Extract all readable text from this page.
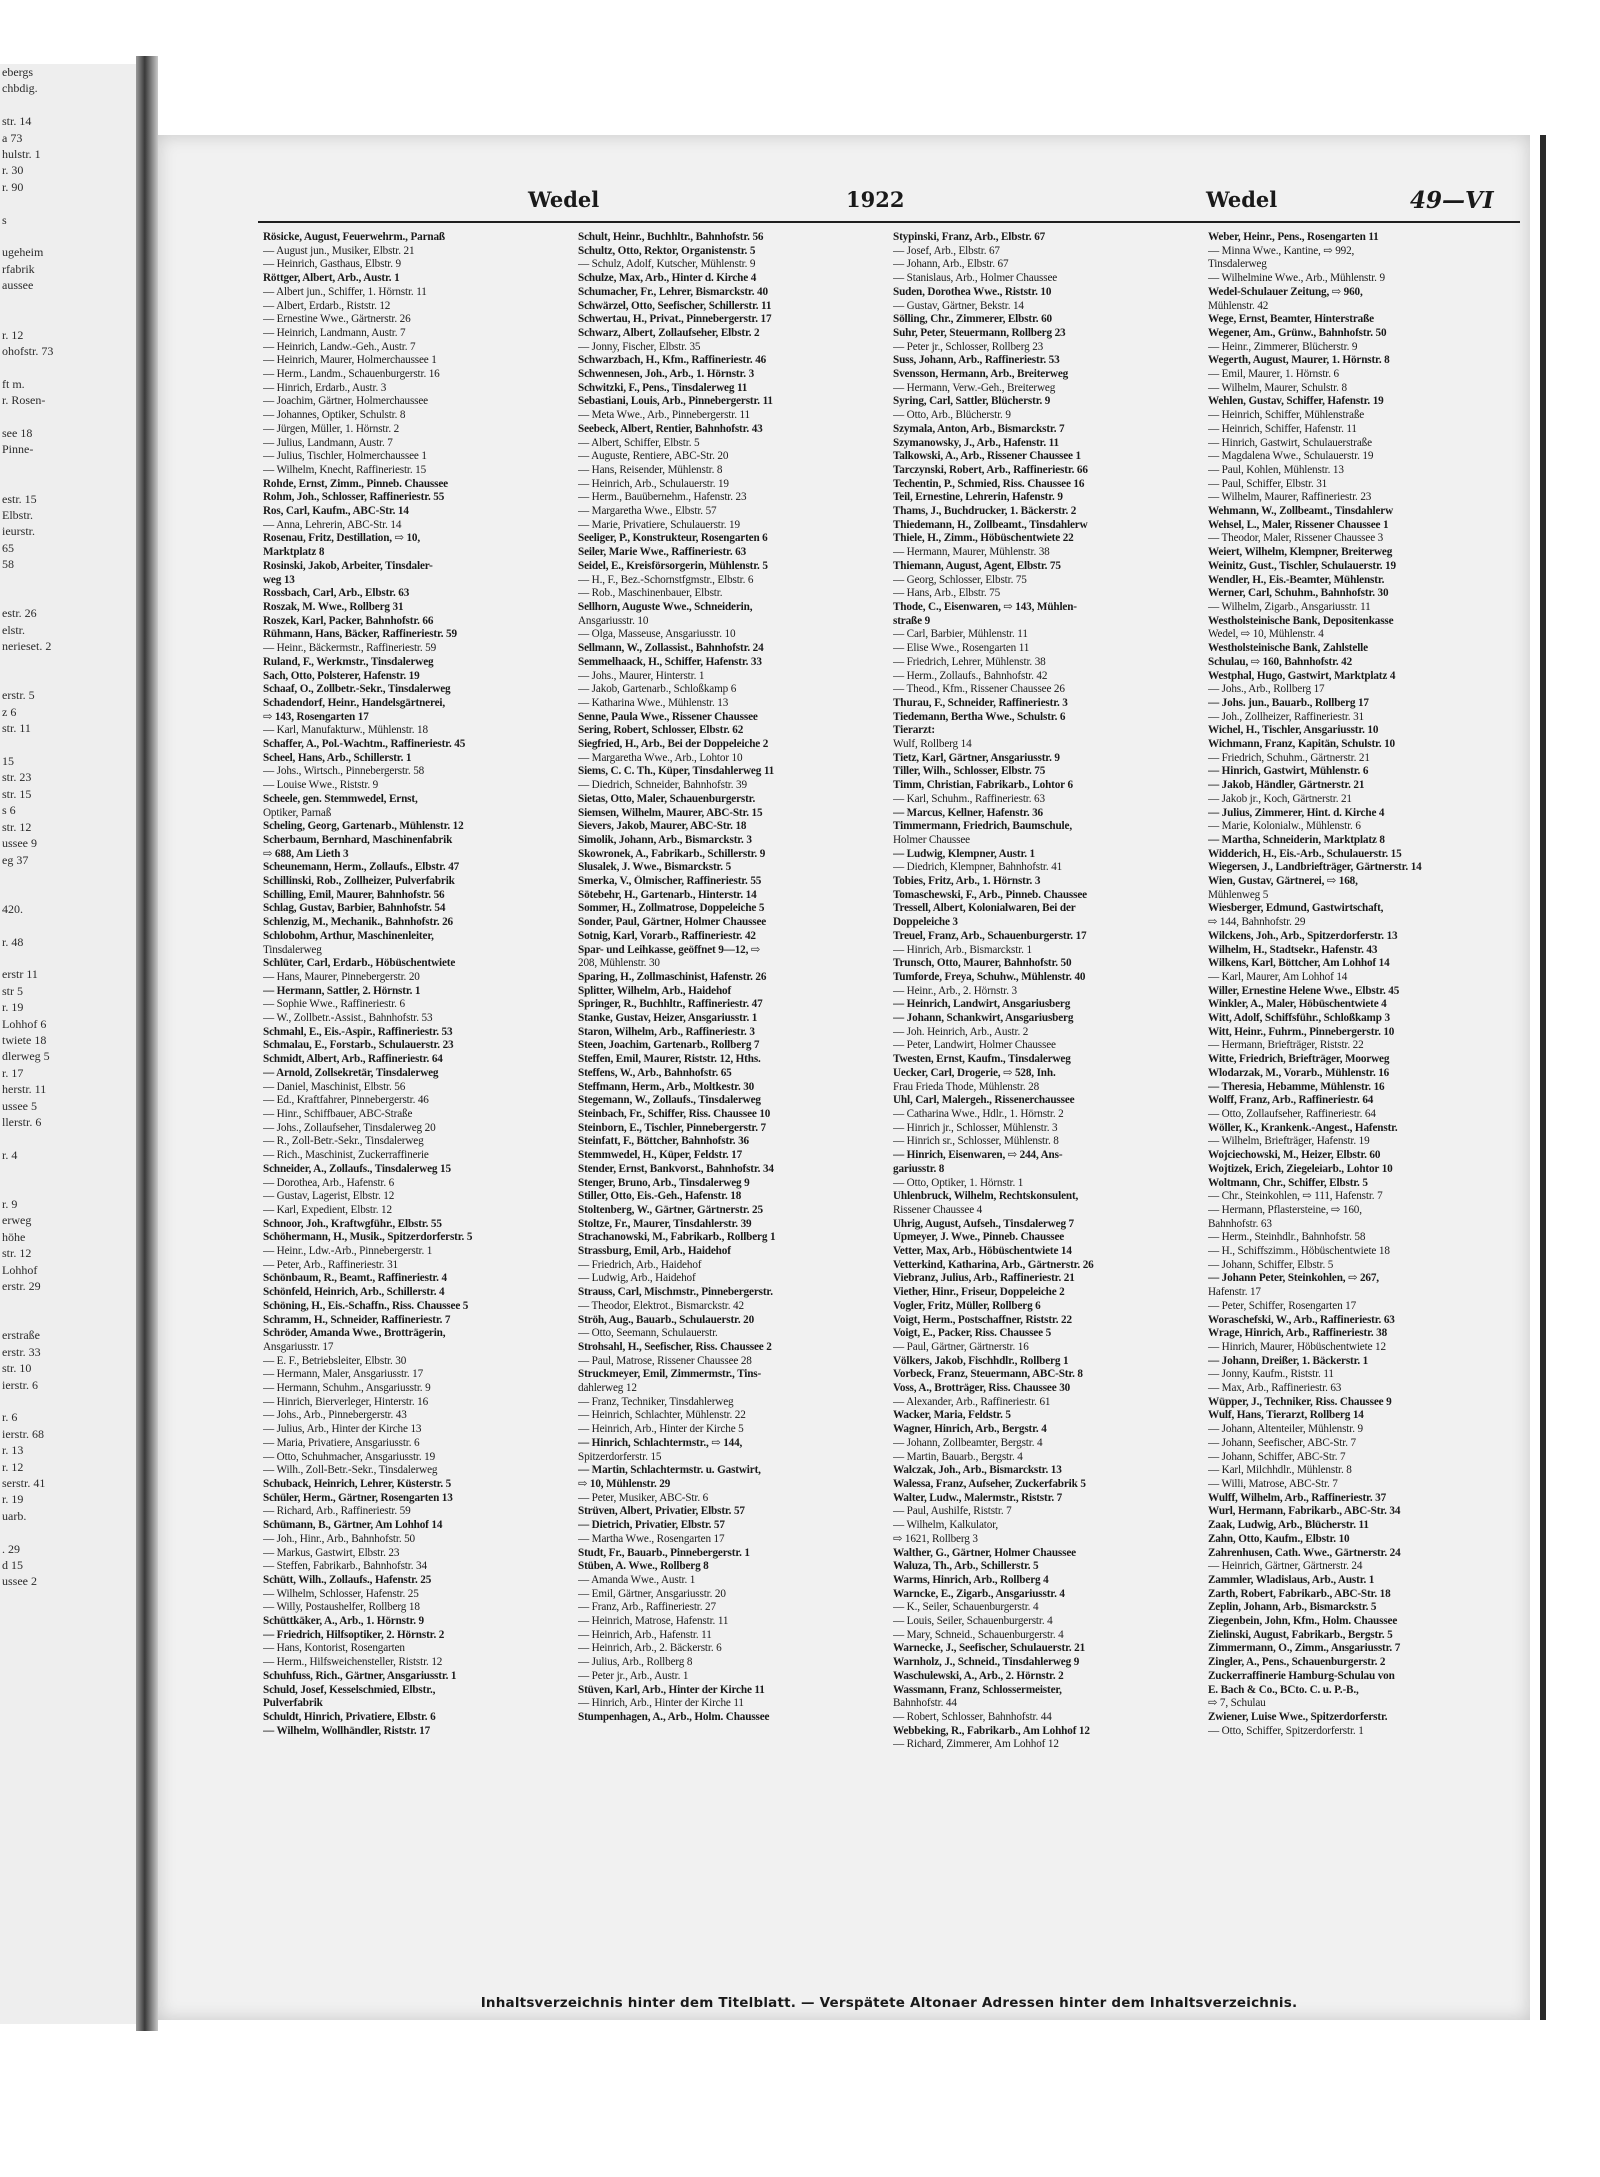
ebergs
chbdig.

str. 14
a 73
hulstr. 1
r. 30
r. 90

s

ugeheim
rfabrik
aussee

r. 12
ohofstr. 73

ft m.
r. Rosen-

see 18
Pinne-

estr. 15
Elbstr.
ieurstr.
65
58

estr. 26
elstr.
nerieset. 2

erstr. 5
z 6
str. 11

15
str. 23
str. 15
s 6
str. 12
ussee 9
eg 37

420.

r. 48

erstr 11
str 5
r. 19
Lohhof 6
twiete 18
dlerweg 5
r. 17
herstr. 11
ussee 5
llerstr. 6

r. 4

r. 9
erweg
höhe
str. 12
Lohhof
erstr. 29

erstraße
erstr. 33
str. 10
ierstr. 6

r. 6
ierstr. 68
r. 13
r. 12
serstr. 41
r. 19
uarb.

. 29
d 15
ussee 2
Wedel	1922	Wedel	49—VI
Rösicke, August, Feuerwehrm., Parnaß
— August jun., Musiker, Elbstr. 21
— Heinrich, Gasthaus, Elbstr. 9
Röttger, Albert, Arb., Austr. 1
— Albert jun., Schiffer, 1. Hörnstr. 11
— Albert, Erdarb., Riststr. 12
— Ernestine Wwe., Gärtnerstr. 26
— Heinrich, Landmann, Austr. 7
— Heinrich, Landw.-Geh., Austr. 7
— Heinrich, Maurer, Holmerchaussee 1
— Herm., Landm., Schauenburgerstr. 16
— Hinrich, Erdarb., Austr. 3
— Joachim, Gärtner, Holmerchaussee
— Johannes, Optiker, Schulstr. 8
— Jürgen, Müller, 1. Hörnstr. 2
— Julius, Landmann, Austr. 7
— Julius, Tischler, Holmerchaussee 1
— Wilhelm, Knecht, Raffineriestr. 15
Rohde, Ernst, Zimm., Pinneb. Chaussee
Rohm, Joh., Schlosser, Raffineriestr. 55
Ros, Carl, Kaufm., ABC-Str. 14
— Anna, Lehrerin, ABC-Str. 14
Rosenau, Fritz, Destillation, ⇨ 10,
Marktplatz 8
Rosinski, Jakob, Arbeiter, Tinsdaler-
weg 13
Rossbach, Carl, Arb., Elbstr. 63
Roszak, M. Wwe., Rollberg 31
Roszek, Karl, Packer, Bahnhofstr. 66
Rühmann, Hans, Bäcker, Raffineriestr. 59
— Heinr., Bäckermstr., Raffineriestr. 59
Ruland, F., Werkmstr., Tinsdalerweg
Sach, Otto, Polsterer, Hafenstr. 19
Schaaf, O., Zollbetr.-Sekr., Tinsdalerweg
Schadendorf, Heinr., Handelsgärtnerei,
⇨ 143, Rosengarten 17
— Karl, Manufakturw., Mühlenstr. 18
Schaffer, A., Pol.-Wachtm., Raffineriestr. 45
Scheel, Hans, Arb., Schillerstr. 1
— Johs., Wirtsch., Pinnebergerstr. 58
— Louise Wwe., Riststr. 9
Scheele, gen. Stemmwedel, Ernst,
Optiker, Parnaß
Scheling, Georg, Gartenarb., Mühlenstr. 12
Scherbaum, Bernhard, Maschinenfabrik
⇨ 688, Am Lieth 3
Scheunemann, Herm., Zollaufs., Elbstr. 47
Schillinski, Rob., Zollheizer, Pulverfabrik
Schilling, Emil, Maurer, Bahnhofstr. 56
Schlag, Gustav, Barbier, Bahnhofstr. 54
Schlenzig, M., Mechanik., Bahnhofstr. 26
Schlobohm, Arthur, Maschinenleiter,
Tinsdalerweg
Schlüter, Carl, Erdarb., Höbüschentwiete
— Hans, Maurer, Pinnebergerstr. 20
— Hermann, Sattler, 2. Hörnstr. 1
— Sophie Wwe., Raffineriestr. 6
— W., Zollbetr.-Assist., Bahnhofstr. 53
Schmahl, E., Eis.-Aspir., Raffineriestr. 53
Schmalau, E., Forstarb., Schulauerstr. 23
Schmidt, Albert, Arb., Raffineriestr. 64
— Arnold, Zollsekretär, Tinsdalerweg
— Daniel, Maschinist, Elbstr. 56
— Ed., Kraftfahrer, Pinnebergerstr. 46
— Hinr., Schiffbauer, ABC-Straße
— Johs., Zollaufseher, Tinsdalerweg 20
— R., Zoll-Betr.-Sekr., Tinsdalerweg
— Rich., Maschinist, Zuckerraffinerie
Schneider, A., Zollaufs., Tinsdalerweg 15
— Dorothea, Arb., Hafenstr. 6
— Gustav, Lagerist, Elbstr. 12
— Karl, Expedient, Elbstr. 12
Schnoor, Joh., Kraftwgführ., Elbstr. 55
Schöhermann, H., Musik., Spitzerdorferstr. 5
— Heinr., Ldw.-Arb., Pinnebergerstr. 1
— Peter, Arb., Raffineriestr. 31
Schönbaum, R., Beamt., Raffineriestr. 4
Schönfeld, Heinrich, Arb., Schillerstr. 4
Schöning, H., Eis.-Schaffn., Riss. Chaussee 5
Schramm, H., Schneider, Raffineriestr. 7
Schröder, Amanda Wwe., Brotträgerin,
Ansgariusstr. 17
— E. F., Betriebsleiter, Elbstr. 30
— Hermann, Maler, Ansgariusstr. 17
— Hermann, Schuhm., Ansgariusstr. 9
— Hinrich, Bierverleger, Hinterstr. 16
— Johs., Arb., Pinnebergerstr. 43
— Julius, Arb., Hinter der Kirche 13
— Maria, Privatiere, Ansgariusstr. 6
— Otto, Schuhmacher, Ansgariusstr. 19
— Wilh., Zoll-Betr.-Sekr., Tinsdalerweg
Schuback, Heinrich, Lehrer, Küsterstr. 5
Schüler, Herm., Gärtner, Rosengarten 13
— Richard, Arb., Raffineriestr. 59
Schümann, B., Gärtner, Am Lohhof 14
— Joh., Hinr., Arb., Bahnhofstr. 50
— Markus, Gastwirt, Elbstr. 23
— Steffen, Fabrikarb., Bahnhofstr. 34
Schütt, Wilh., Zollaufs., Hafenstr. 25
— Wilhelm, Schlosser, Hafenstr. 25
— Willy, Postaushelfer, Rollberg 18
Schüttkäker, A., Arb., 1. Hörnstr. 9
— Friedrich, Hilfsoptiker, 2. Hörnstr. 2
— Hans, Kontorist, Rosengarten
— Herm., Hilfsweichensteller, Riststr. 12
Schuhfuss, Rich., Gärtner, Ansgariusstr. 1
Schuld, Josef, Kesselschmied, Elbstr.,
Pulverfabrik
Schuldt, Hinrich, Privatiere, Elbstr. 6
— Wilhelm, Wollhändler, Riststr. 17
Schult, Heinr., Buchhltr., Bahnhofstr. 56
Schultz, Otto, Rektor, Organistenstr. 5
— Schulz, Adolf, Kutscher, Mühlenstr. 9
Schulze, Max, Arb., Hinter d. Kirche 4
Schumacher, Fr., Lehrer, Bismarckstr. 40
Schwärzel, Otto, Seefischer, Schillerstr. 11
Schwertau, H., Privat., Pinnebergerstr. 17
Schwarz, Albert, Zollaufseher, Elbstr. 2
— Jonny, Fischer, Elbstr. 35
Schwarzbach, H., Kfm., Raffineriestr. 46
Schwennesen, Joh., Arb., 1. Hörnstr. 3
Schwitzki, F., Pens., Tinsdalerweg 11
Sebastiani, Louis, Arb., Pinnebergerstr. 11
— Meta Wwe., Arb., Pinnebergerstr. 11
Seebeck, Albert, Rentier, Bahnhofstr. 43
— Albert, Schiffer, Elbstr. 5
— Auguste, Rentiere, ABC-Str. 20
— Hans, Reisender, Mühlenstr. 8
— Heinrich, Arb., Schulauerstr. 19
— Herm., Bauübernehm., Hafenstr. 23
— Margaretha Wwe., Elbstr. 57
— Marie, Privatiere, Schulauerstr. 19
Seeliger, P., Konstrukteur, Rosengarten 6
Seiler, Marie Wwe., Raffineriestr. 63
Seidel, E., Kreisförsorgerin, Mühlenstr. 5
— H., F., Bez.-Schornstfgmstr., Elbstr. 6
— Rob., Maschinenbauer, Elbstr.
Sellhorn, Auguste Wwe., Schneiderin,
Ansgariusstr. 10
— Olga, Masseuse, Ansgariusstr. 10
Sellmann, W., Zollassist., Bahnhofstr. 24
Semmelhaack, H., Schiffer, Hafenstr. 33
— Johs., Maurer, Hinterstr. 1
— Jakob, Gartenarb., Schloßkamp 6
— Katharina Wwe., Mühlenstr. 13
Senne, Paula Wwe., Rissener Chaussee
Sering, Robert, Schlosser, Elbstr. 62
Siegfried, H., Arb., Bei der Doppeleiche 2
— Margaretha Wwe., Arb., Lohtor 10
Siems, C. C. Th., Küper, Tinsdahlerweg 11
— Diedrich, Schneider, Bahnhofstr. 39
Sietas, Otto, Maler, Schauenburgerstr.
Siemsen, Wilhelm, Maurer, ABC-Str. 15
Sievers, Jakob, Maurer, ABC-Str. 18
Simolik, Johann, Arb., Bismarckstr. 3
Skowronek, A., Fabrikarb., Schillerstr. 9
Slusalek, J. Wwe., Bismarckstr. 5
Smerka, V., Ölmischer, Raffineriestr. 55
Sötebehr, H., Gartenarb., Hinterstr. 14
Sommer, H., Zollmatrose, Doppeleiche 5
Sonder, Paul, Gärtner, Holmer Chaussee
Sotnig, Karl, Vorarb., Raffineriestr. 42
Spar- und Leihkasse, geöffnet 9—12, ⇨
208, Mühlenstr. 30
Sparing, H., Zollmaschinist, Hafenstr. 26
Splitter, Wilhelm, Arb., Haidehof
Springer, R., Buchhltr., Raffineriestr. 47
Stanke, Gustav, Heizer, Ansgariusstr. 1
Staron, Wilhelm, Arb., Raffineriestr. 3
Steen, Joachim, Gartenarb., Rollberg 7
Steffen, Emil, Maurer, Riststr. 12, Hths.
Steffens, W., Arb., Bahnhofstr. 65
Steffmann, Herm., Arb., Moltkestr. 30
Stegemann, W., Zollaufs., Tinsdalerweg
Steinbach, Fr., Schiffer, Riss. Chaussee 10
Steinborn, E., Tischler, Pinnebergerstr. 7
Steinfatt, F., Böttcher, Bahnhofstr. 36
Stemmwedel, H., Küper, Feldstr. 17
Stender, Ernst, Bankvorst., Bahnhofstr. 34
Stenger, Bruno, Arb., Tinsdalerweg 9
Stiller, Otto, Eis.-Geh., Hafenstr. 18
Stoltenberg, W., Gärtner, Gärtnerstr. 25
Stoltze, Fr., Maurer, Tinsdahlerstr. 39
Strachanowski, M., Fabrikarb., Rollberg 1
Strassburg, Emil, Arb., Haidehof
— Friedrich, Arb., Haidehof
— Ludwig, Arb., Haidehof
Strauss, Carl, Mischmstr., Pinnebergerstr.
— Theodor, Elektrot., Bismarckstr. 42
Ströh, Aug., Bauarb., Schulauerstr. 20
— Otto, Seemann, Schulauerstr.
Strohsahl, H., Seefischer, Riss. Chaussee 2
— Paul, Matrose, Rissener Chaussee 28
Struckmeyer, Emil, Zimmermstr., Tins-
dahlerweg 12
— Franz, Techniker, Tinsdahlerweg
— Heinrich, Schlachter, Mühlenstr. 22
— Heinrich, Arb., Hinter der Kirche 5
— Hinrich, Schlachtermstr., ⇨ 144,
Spitzerdorferstr. 15
— Martin, Schlachtermstr. u. Gastwirt,
⇨ 10, Mühlenstr. 29
— Peter, Musiker, ABC-Str. 6
Strüven, Albert, Privatier, Elbstr. 57
— Dietrich, Privatier, Elbstr. 57
— Martha Wwe., Rosengarten 17
Studt, Fr., Bauarb., Pinnebergerstr. 1
Stüben, A. Wwe., Rollberg 8
— Amanda Wwe., Austr. 1
— Emil, Gärtner, Ansgariusstr. 20
— Franz, Arb., Raffineriestr. 27
— Heinrich, Matrose, Hafenstr. 11
— Heinrich, Arb., Hafenstr. 11
— Heinrich, Arb., 2. Bäckerstr. 6
— Julius, Arb., Rollberg 8
— Peter jr., Arb., Austr. 1
Stüven, Karl, Arb., Hinter der Kirche 11
— Hinrich, Arb., Hinter der Kirche 11
Stumpenhagen, A., Arb., Holm. Chaussee
Stypinski, Franz, Arb., Elbstr. 67
— Josef, Arb., Elbstr. 67
— Johann, Arb., Elbstr. 67
— Stanislaus, Arb., Holmer Chaussee
Suden, Dorothea Wwe., Riststr. 10
— Gustav, Gärtner, Bekstr. 14
Sölling, Chr., Zimmerer, Elbstr. 60
Suhr, Peter, Steuermann, Rollberg 23
— Peter jr., Schlosser, Rollberg 23
Suss, Johann, Arb., Raffineriestr. 53
Svensson, Hermann, Arb., Breiterweg
— Hermann, Verw.-Geh., Breiterweg
Syring, Carl, Sattler, Blücherstr. 9
— Otto, Arb., Blücherstr. 9
Szymala, Anton, Arb., Bismarckstr. 7
Szymanowsky, J., Arb., Hafenstr. 11
Talkowski, A., Arb., Rissener Chaussee 1
Tarczynski, Robert, Arb., Raffineriestr. 66
Techentin, P., Schmied, Riss. Chaussee 16
Teil, Ernestine, Lehrerin, Hafenstr. 9
Thams, J., Buchdrucker, 1. Bäckerstr. 2
Thiedemann, H., Zollbeamt., Tinsdahlerw
Thiele, H., Zimm., Höbüschentwiete 22
— Hermann, Maurer, Mühlenstr. 38
Thiemann, August, Agent, Elbstr. 75
— Georg, Schlosser, Elbstr. 75
— Hans, Arb., Elbstr. 75
Thode, C., Eisenwaren, ⇨ 143, Mühlen-
straße 9
— Carl, Barbier, Mühlenstr. 11
— Elise Wwe., Rosengarten 11
— Friedrich, Lehrer, Mühlenstr. 38
— Herm., Zollaufs., Bahnhofstr. 42
— Theod., Kfm., Rissener Chaussee 26
Thurau, F., Schneider, Raffineriestr. 3
Tiedemann, Bertha Wwe., Schulstr. 6
Tierarzt:
Wulf, Rollberg 14
Tietz, Karl, Gärtner, Ansgariusstr. 9
Tiller, Wilh., Schlosser, Elbstr. 75
Timm, Christian, Fabrikarb., Lohtor 6
— Karl, Schuhm., Raffineriestr. 63
— Marcus, Kellner, Hafenstr. 36
Timmermann, Friedrich, Baumschule,
Holmer Chaussee
— Ludwig, Klempner, Austr. 1
— Diedrich, Klempner, Bahnhofstr. 41
Tobies, Fritz, Arb., 1. Hörnstr. 3
Tomaschewski, F., Arb., Pinneb. Chaussee
Tressell, Albert, Kolonialwaren, Bei der
Doppeleiche 3
Treuel, Franz, Arb., Schauenburgerstr. 17
— Hinrich, Arb., Bismarckstr. 1
Trunsch, Otto, Maurer, Bahnhofstr. 50
Tumforde, Freya, Schuhw., Mühlenstr. 40
— Heinr., Arb., 2. Hörnstr. 3
— Heinrich, Landwirt, Ansgariusberg
— Johann, Schankwirt, Ansgariusberg
— Joh. Heinrich, Arb., Austr. 2
— Peter, Landwirt, Holmer Chaussee
Twesten, Ernst, Kaufm., Tinsdalerweg
Uecker, Carl, Drogerie, ⇨ 528, Inh.
Frau Frieda Thode, Mühlenstr. 28
Uhl, Carl, Malergeh., Rissenerchaussee
— Catharina Wwe., Hdlr., 1. Hörnstr. 2
— Hinrich jr., Schlosser, Mühlenstr. 3
— Hinrich sr., Schlosser, Mühlenstr. 8
— Hinrich, Eisenwaren, ⇨ 244, Ans-
gariusstr. 8
— Otto, Optiker, 1. Hörnstr. 1
Uhlenbruck, Wilhelm, Rechtskonsulent,
Rissener Chaussee 4
Uhrig, August, Aufseh., Tinsdalerweg 7
Upmeyer, J. Wwe., Pinneb. Chaussee
Vetter, Max, Arb., Höbüschentwiete 14
Vetterkind, Katharina, Arb., Gärtnerstr. 26
Viebranz, Julius, Arb., Raffineriestr. 21
Viether, Hinr., Friseur, Doppeleiche 2
Vogler, Fritz, Müller, Rollberg 6
Voigt, Herm., Postschaffner, Riststr. 22
Voigt, E., Packer, Riss. Chaussee 5
— Paul, Gärtner, Gärtnerstr. 16
Völkers, Jakob, Fischhdlr., Rollberg 1
Vorbeck, Franz, Steuermann, ABC-Str. 8
Voss, A., Brotträger, Riss. Chaussee 30
— Alexander, Arb., Raffineriestr. 61
Wacker, Maria, Feldstr. 5
Wagner, Hinrich, Arb., Bergstr. 4
— Johann, Zollbeamter, Bergstr. 4
— Martin, Bauarb., Bergstr. 4
Walczak, Joh., Arb., Bismarckstr. 13
Walessa, Franz, Aufseher, Zuckerfabrik 5
Walter, Ludw., Malermstr., Riststr. 7
— Paul, Aushilfe, Riststr. 7
— Wilhelm, Kalkulator,
⇨ 1621, Rollberg 3
Walther, G., Gärtner, Holmer Chaussee
Waluza, Th., Arb., Schillerstr. 5
Warms, Hinrich, Arb., Rollberg 4
Warncke, E., Zigarb., Ansgariusstr. 4
— K., Seiler, Schauenburgerstr. 4
— Louis, Seiler, Schauenburgerstr. 4
— Mary, Schneid., Schauenburgerstr. 4
Warnecke, J., Seefischer, Schulauerstr. 21
Warnholz, J., Schneid., Tinsdahlerweg 9
Waschulewski, A., Arb., 2. Hörnstr. 2
Wassmann, Franz, Schlossermeister,
Bahnhofstr. 44
— Robert, Schlosser, Bahnhofstr. 44
Webbeking, R., Fabrikarb., Am Lohhof 12
— Richard, Zimmerer, Am Lohhof 12
Weber, Heinr., Pens., Rosengarten 11
— Minna Wwe., Kantine, ⇨ 992,
Tinsdalerweg
— Wilhelmine Wwe., Arb., Mühlenstr. 9
Wedel-Schulauer Zeitung, ⇨ 960,
Mühlenstr. 42
Wege, Ernst, Beamter, Hinterstraße
Wegener, Am., Grünw., Bahnhofstr. 50
— Heinr., Zimmerer, Blücherstr. 9
Wegerth, August, Maurer, 1. Hörnstr. 8
— Emil, Maurer, 1. Hörnstr. 6
— Wilhelm, Maurer, Schulstr. 8
Wehlen, Gustav, Schiffer, Hafenstr. 19
— Heinrich, Schiffer, Mühlenstraße
— Heinrich, Schiffer, Hafenstr. 11
— Hinrich, Gastwirt, Schulauerstraße
— Magdalena Wwe., Schulauerstr. 19
— Paul, Kohlen, Mühlenstr. 13
— Paul, Schiffer, Elbstr. 31
— Wilhelm, Maurer, Raffineriestr. 23
Wehmann, W., Zollbeamt., Tinsdahlerw
Wehsel, L., Maler, Rissener Chaussee 1
— Theodor, Maler, Rissener Chaussee 3
Weiert, Wilhelm, Klempner, Breiterweg
Weinitz, Gust., Tischler, Schulauerstr. 19
Wendler, H., Eis.-Beamter, Mühlenstr.
Werner, Carl, Schuhm., Bahnhofstr. 30
— Wilhelm, Zigarb., Ansgariusstr. 11
Westholsteinische Bank, Depositenkasse
Wedel, ⇨ 10, Mühlenstr. 4
Westholsteinische Bank, Zahlstelle
Schulau, ⇨ 160, Bahnhofstr. 42
Westphal, Hugo, Gastwirt, Marktplatz 4
— Johs., Arb., Rollberg 17
— Johs. jun., Bauarb., Rollberg 17
— Joh., Zollheizer, Raffineriestr. 31
Wichel, H., Tischler, Ansgariusstr. 10
Wichmann, Franz, Kapitän, Schulstr. 10
— Friedrich, Schuhm., Gärtnerstr. 21
— Hinrich, Gastwirt, Mühlenstr. 6
— Jakob, Händler, Gärtnerstr. 21
— Jakob jr., Koch, Gärtnerstr. 21
— Julius, Zimmerer, Hint. d. Kirche 4
— Marie, Kolonialw., Mühlenstr. 6
— Martha, Schneiderin, Marktplatz 8
Widderich, H., Eis.-Arb., Schulauerstr. 15
Wiegersen, J., Landbriefträger, Gärtnerstr. 14
Wien, Gustav, Gärtnerei, ⇨ 168,
Mühlenweg 5
Wiesberger, Edmund, Gastwirtschaft,
⇨ 144, Bahnhofstr. 29
Wilckens, Joh., Arb., Spitzerdorferstr. 13
Wilhelm, H., Stadtsekr., Hafenstr. 43
Wilkens, Karl, Böttcher, Am Lohhof 14
— Karl, Maurer, Am Lohhof 14
Willer, Ernestine Helene Wwe., Elbstr. 45
Winkler, A., Maler, Höbüschentwiete 4
Witt, Adolf, Schiffsführ., Schloßkamp 3
Witt, Heinr., Fuhrm., Pinnebergerstr. 10
— Hermann, Briefträger, Riststr. 22
Witte, Friedrich, Briefträger, Moorweg
Wlodarzak, M., Vorarb., Mühlenstr. 16
— Theresia, Hebamme, Mühlenstr. 16
Wolff, Franz, Arb., Raffineriestr. 64
— Otto, Zollaufseher, Raffineriestr. 64
Wöller, K., Krankenk.-Angest., Hafenstr.
— Wilhelm, Briefträger, Hafenstr. 19
Wojciechowski, M., Heizer, Elbstr. 60
Wojtizek, Erich, Ziegeleiarb., Lohtor 10
Woltmann, Chr., Schiffer, Elbstr. 5
— Chr., Steinkohlen, ⇨ 111, Hafenstr. 7
— Hermann, Pflastersteine, ⇨ 160,
Bahnhofstr. 63
— Herm., Steinhdlr., Bahnhofstr. 58
— H., Schiffszimm., Höbüschentwiete 18
— Johann, Schiffer, Elbstr. 5
— Johann Peter, Steinkohlen, ⇨ 267,
Hafenstr. 17
— Peter, Schiffer, Rosengarten 17
Woraschefski, W., Arb., Raffineriestr. 63
Wrage, Hinrich, Arb., Raffineriestr. 38
— Hinrich, Maurer, Höbüschentwiete 12
— Johann, Dreißer, 1. Bäckerstr. 1
— Jonny, Kaufm., Riststr. 11
— Max, Arb., Raffineriestr. 63
Wüpper, J., Techniker, Riss. Chaussee 9
Wulf, Hans, Tierarzt, Rollberg 14
— Johann, Altenteiler, Mühlenstr. 9
— Johann, Seefischer, ABC-Str. 7
— Johann, Schiffer, ABC-Str. 7
— Karl, Milchhdlr., Mühlenstr. 8
— Willi, Matrose, ABC-Str. 7
Wulff, Wilhelm, Arb., Raffineriestr. 37
Wurl, Hermann, Fabrikarb., ABC-Str. 34
Zaak, Ludwig, Arb., Blücherstr. 11
Zahn, Otto, Kaufm., Elbstr. 10
Zahrenhusen, Cath. Wwe., Gärtnerstr. 24
— Heinrich, Gärtner, Gärtnerstr. 24
Zammler, Wladislaus, Arb., Austr. 1
Zarth, Robert, Fabrikarb., ABC-Str. 18
Zeplin, Johann, Arb., Bismarckstr. 5
Ziegenbein, John, Kfm., Holm. Chaussee
Zielinski, August, Fabrikarb., Bergstr. 5
Zimmermann, O., Zimm., Ansgariusstr. 7
Zingler, A., Pens., Schauenburgerstr. 2
Zuckerraffinerie Hamburg-Schulau von
E. Bach & Co., BCto. C. u. P.-B.,
⇨ 7, Schulau
Zwiener, Luise Wwe., Spitzerdorferstr.
— Otto, Schiffer, Spitzerdorferstr. 1
Inhaltsverzeichnis hinter dem Titelblatt. — Verspätete Altonaer Adressen hinter dem Inhaltsverzeichnis.
